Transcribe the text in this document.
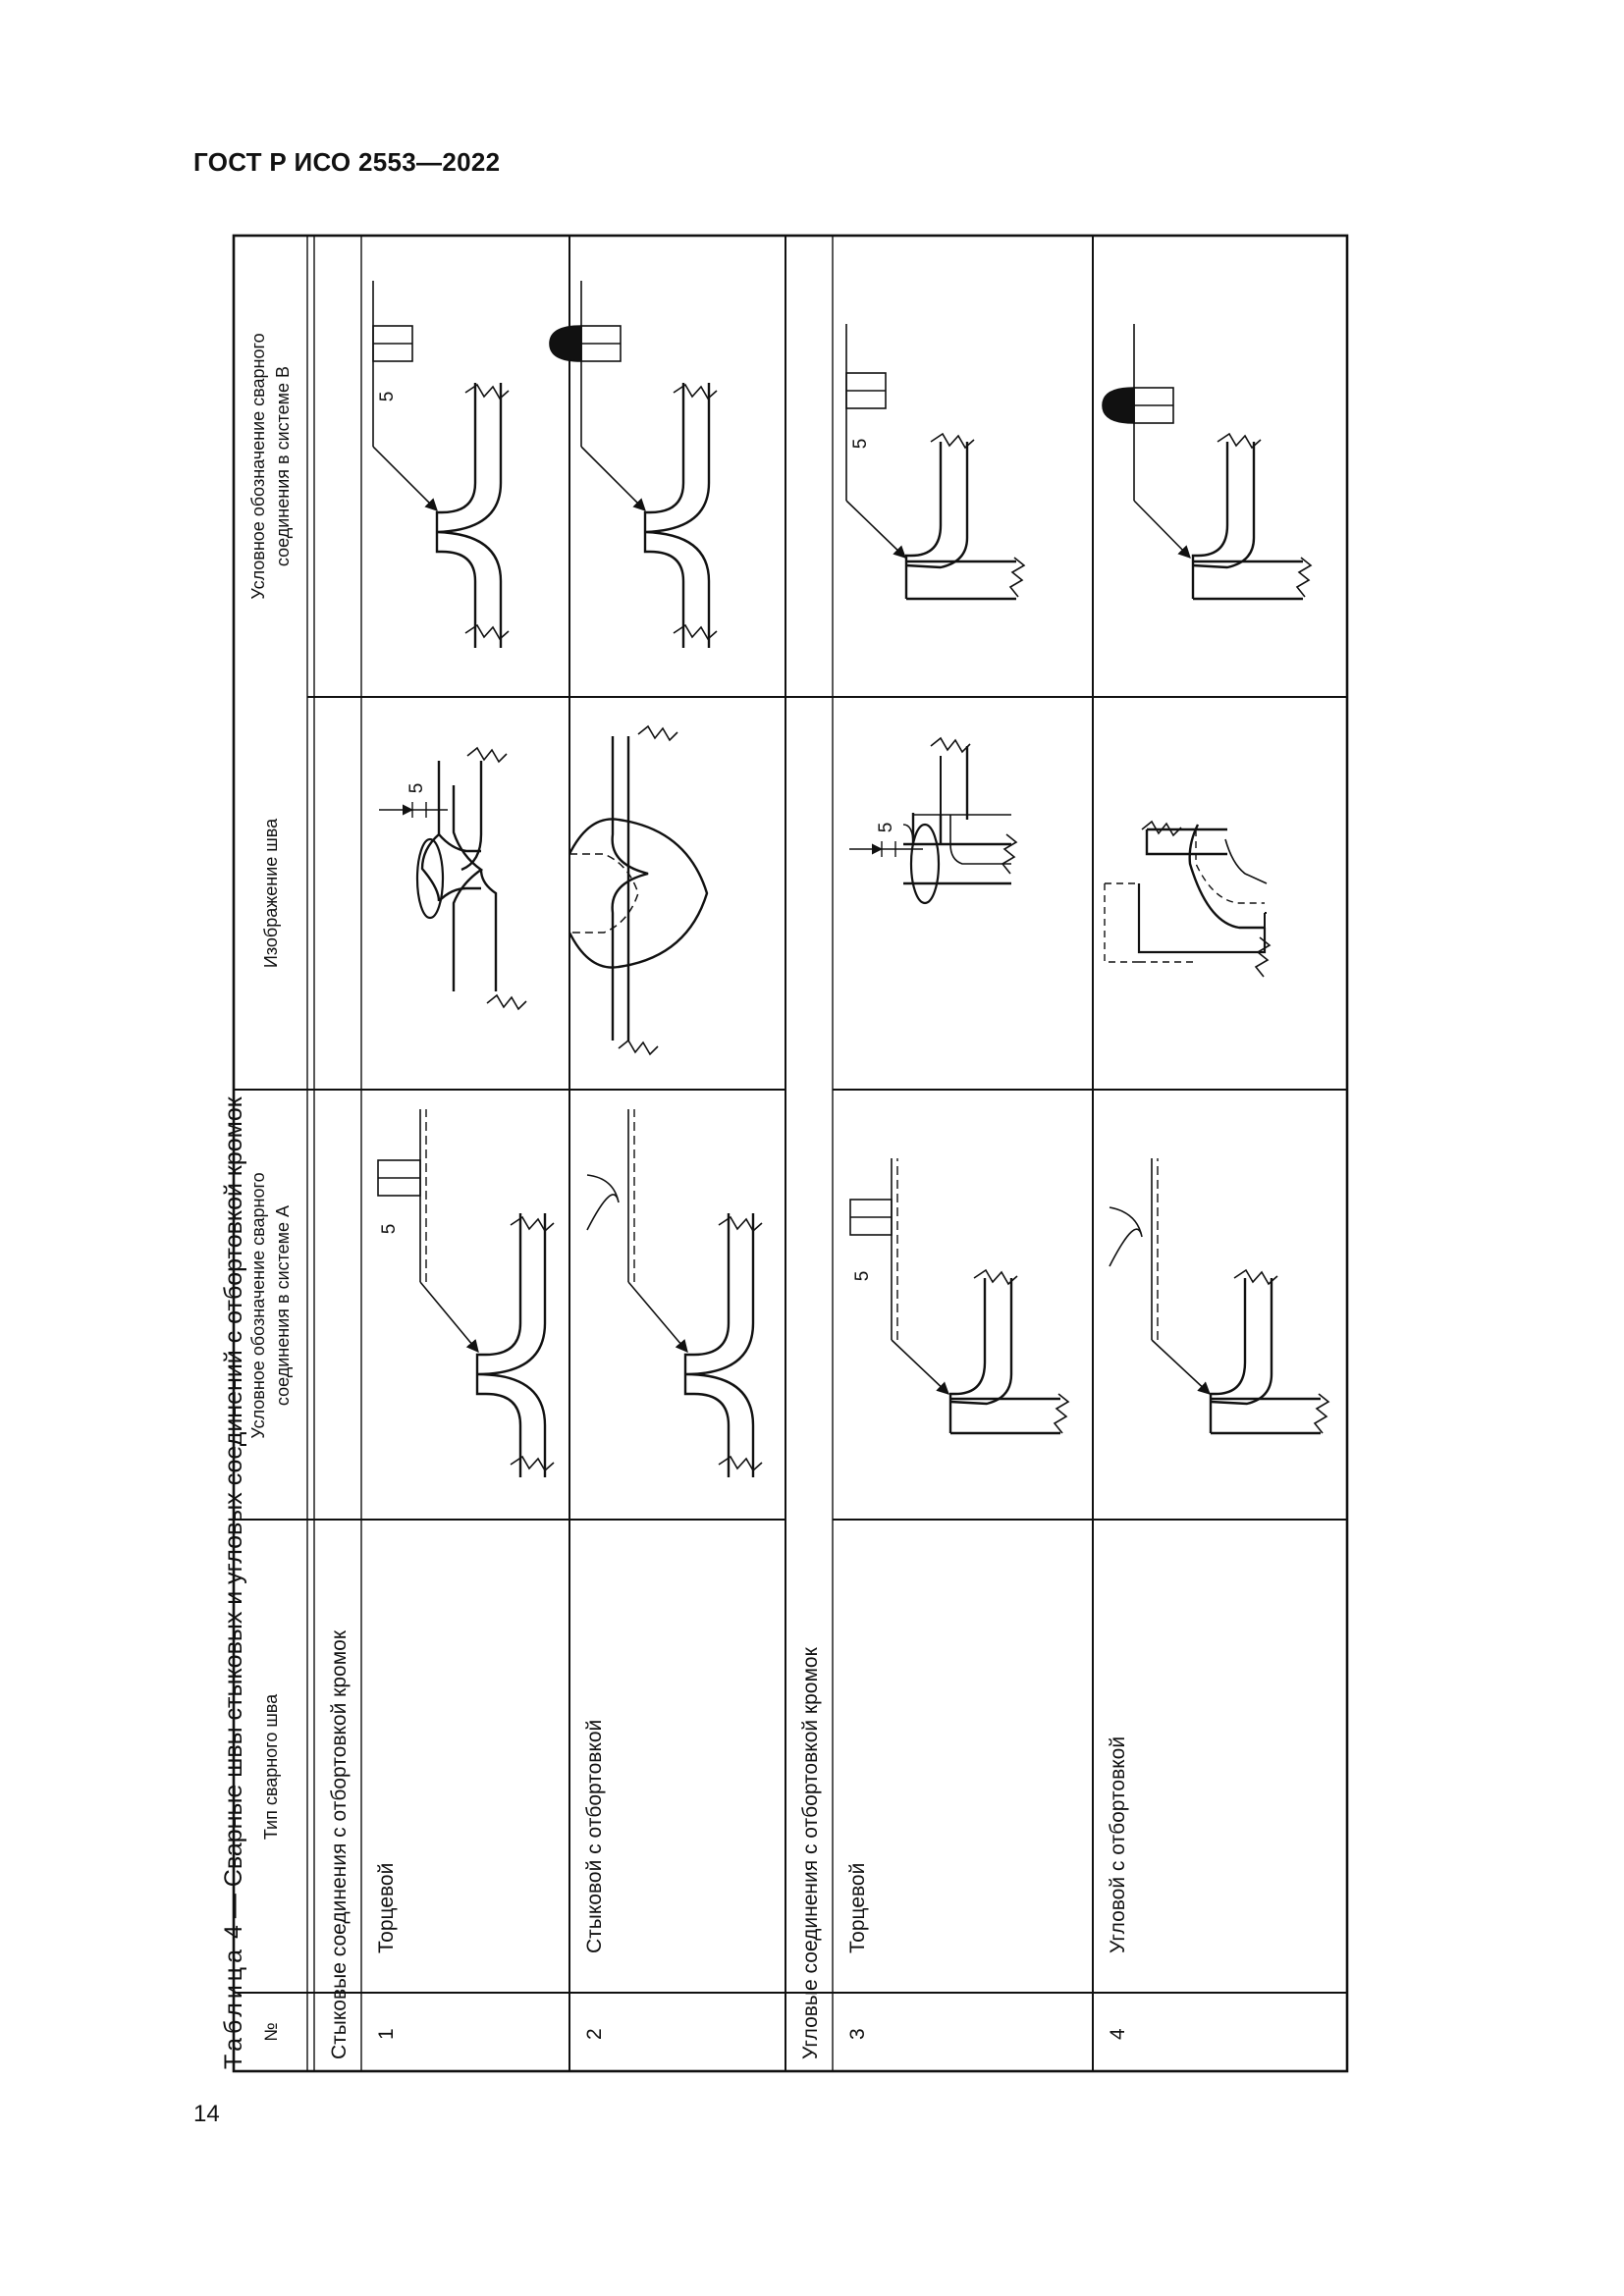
ГОСТ Р ИСО 2553—2022
Таблица 4 — Сварные швы стыковых и угловых соединений с отбортовкой кромок
№
Тип сварного шва
Условное обозначение сварного соединения в системе А
Изображение шва
Условное обозначение сварного соединения в системе В
Стыковые соединения с отбортовкой кромок	Угловые соединения с отбортовкой кромок
1
Торцевой
2
Стыковой с отбортовкой
3
Торцевой
4
Угловой с отбортовкой
5
5
5
5
5
5
14
